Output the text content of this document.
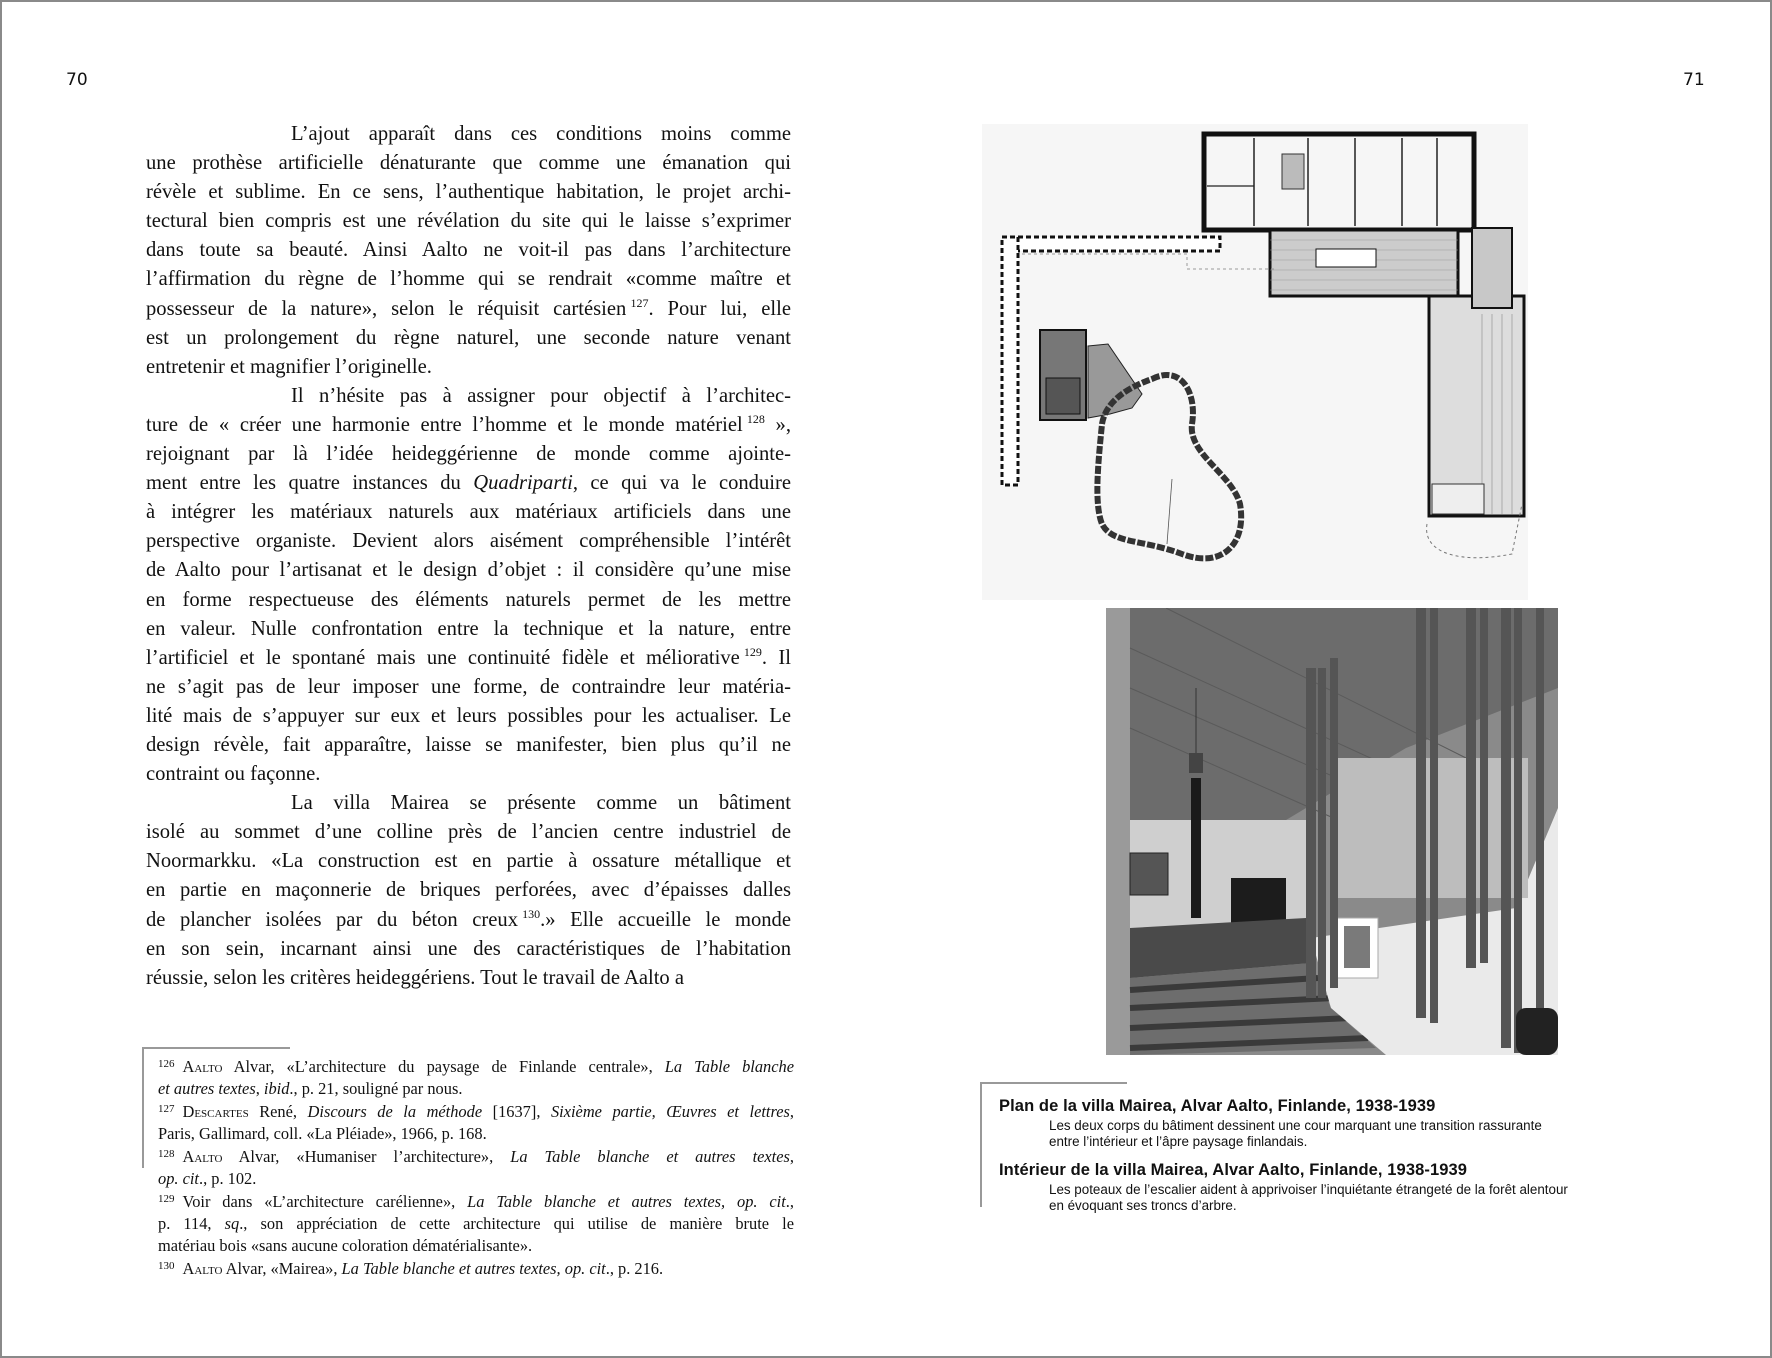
70	71
L’ajout apparaît dans ces conditions moins comme
une prothèse artificielle dénaturante que comme une émanation qui
révèle et sublime. En ce sens, l’authentique habitation, le projet archi-
tectural bien compris est une révélation du site qui le laisse s’exprimer
dans toute sa beauté. Ainsi Aalto ne voit-il pas dans l’architecture
l’affirmation du règne de l’homme qui se rendrait «comme maître et
possesseur de la nature», selon le réquisit cartésien  $^{127}$. Pour lui, elle
est un prolongement du règne naturel, une seconde nature venant
entretenir et magnifier l’originelle.
Il n’hésite pas à assigner pour objectif à l’architec-
ture de « créer une harmonie entre l’homme et le monde matériel  $^{128}$ »,
rejoignant par là l’idée heideggérienne de monde comme ajointe-
ment entre les quatre instances du Quadriparti, ce qui va le conduire
à intégrer les matériaux naturels aux matériaux artificiels dans une
perspective organiste. Devient alors aisément compréhensible l’intérêt
de Aalto pour l’artisanat et le design d’objet : il considère qu’une mise
en forme respectueuse des éléments naturels permet de les mettre
en valeur. Nulle confrontation entre la technique et la nature, entre
l’artificiel et le spontané mais une continuité fidèle et méliorative  $^{129}$. Il
ne s’agit pas de leur imposer une forme, de contraindre leur matéria-
lité mais de s’appuyer sur eux et leurs possibles pour les actualiser. Le
design révèle, fait apparaître, laisse se manifester, bien plus qu’il ne
contraint ou façonne.
La villa Mairea se présente comme un bâtiment
isolé au sommet d’une colline près de l’ancien centre industriel de
Noormarkku. «La construction est en partie à ossature métallique et
en partie en maçonnerie de briques perforées, avec d’épaisses dalles
de plancher isolées par du béton creux  $^{130}$.» Elle accueille le monde
en son sein, incarnant ainsi une des caractéristiques de l’habitation
réussie, selon les critères heideggériens. Tout le travail de Aalto a
$^{126}$ Aalto Alvar, «L’architecture du paysage de Finlande centrale», La Table blanche
et autres textes, ibid., p. 21, souligné par nous.
$^{127}$ Descartes René, Discours de la méthode [1637], Sixième partie, Œuvres et lettres,
Paris, Gallimard, coll. «La Pléiade», 1966, p. 168.
$^{128}$ Aalto Alvar, «Humaniser l’architecture», La Table blanche et autres textes,
op. cit., p. 102.
$^{129}$ Voir dans «L’architecture carélienne», La Table blanche et autres textes, op. cit.,
p. 114, sq., son appréciation de cette architecture qui utilise de manière brute le
matériau bois «sans aucune coloration dématérialisante».
$^{130}$ Aalto Alvar, «Mairea», La Table blanche et autres textes, op. cit., p. 216.

Plan de la villa Mairea, Alvar Aalto, Finlande, 1938-1939

Les deux corps du bâtiment dessinent une cour marquant une transition rassurante
entre l’intérieur et l’âpre paysage finlandais.

Intérieur de la villa Mairea, Alvar Aalto, Finlande, 1938-1939

Les poteaux de l’escalier aident à apprivoiser l’inquiétante étrangeté de la forêt alentour
en évoquant ses troncs d’arbre.
